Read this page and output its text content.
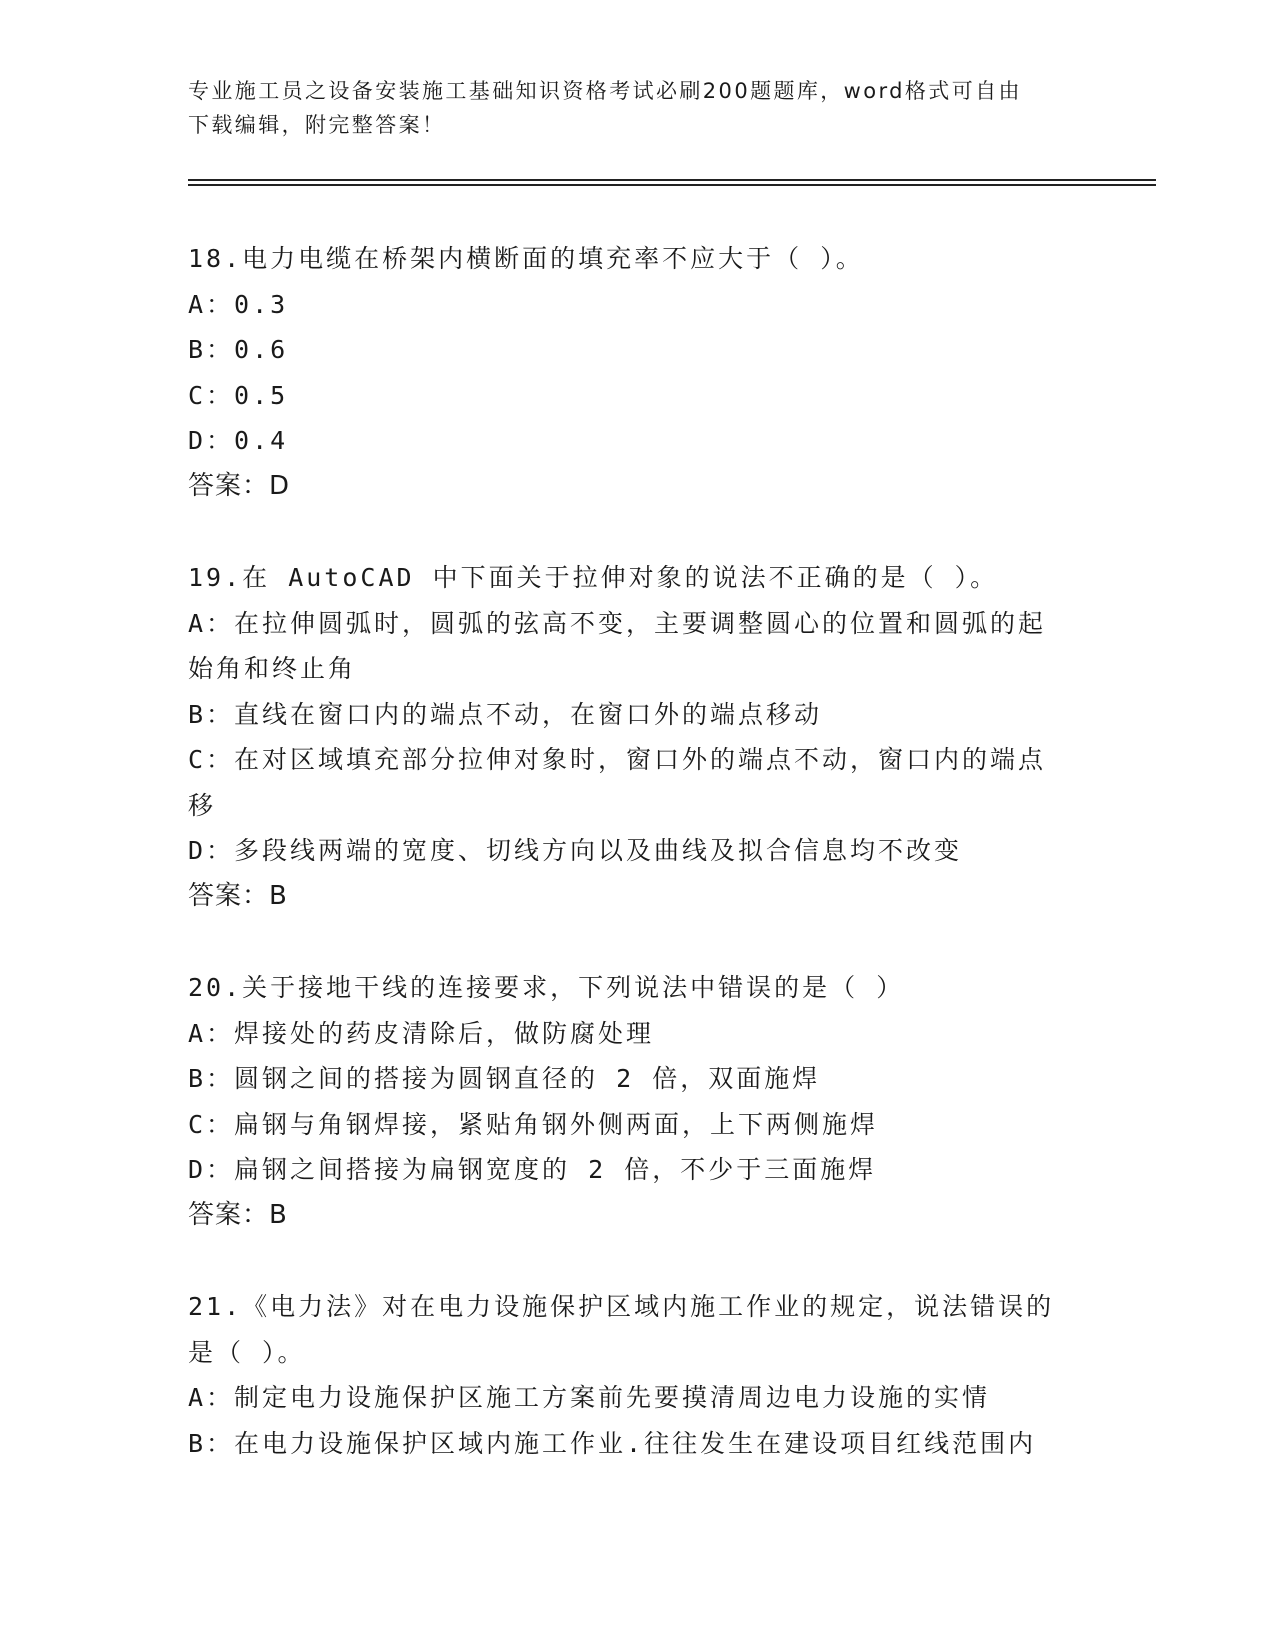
专业施工员之设备安装施工基础知识资格考试必刷200题题库，word格式可自由
下载编辑，附完整答案！
18.电力电缆在桥架内横断面的填充率不应大于（ ）。
A：0.3
B：0.6
C：0.5
D：0.4
答案：D
19.在 AutoCAD 中下面关于拉伸对象的说法不正确的是（ ）。
A：在拉伸圆弧时，圆弧的弦高不变，主要调整圆心的位置和圆弧的起
始角和终止角
B：直线在窗口内的端点不动，在窗口外的端点移动
C：在对区域填充部分拉伸对象时，窗口外的端点不动，窗口内的端点
移
D：多段线两端的宽度、切线方向以及曲线及拟合信息均不改变
答案：B
20.关于接地干线的连接要求，下列说法中错误的是（ ）
A：焊接处的药皮清除后，做防腐处理
B：圆钢之间的搭接为圆钢直径的 2 倍，双面施焊
C：扁钢与角钢焊接，紧贴角钢外侧两面，上下两侧施焊
D：扁钢之间搭接为扁钢宽度的 2 倍，不少于三面施焊
答案：B
21.《电力法》对在电力设施保护区域内施工作业的规定，说法错误的
是（ ）。
A：制定电力设施保护区施工方案前先要摸清周边电力设施的实情
B：在电力设施保护区域内施工作业.往往发生在建设项目红线范围内
